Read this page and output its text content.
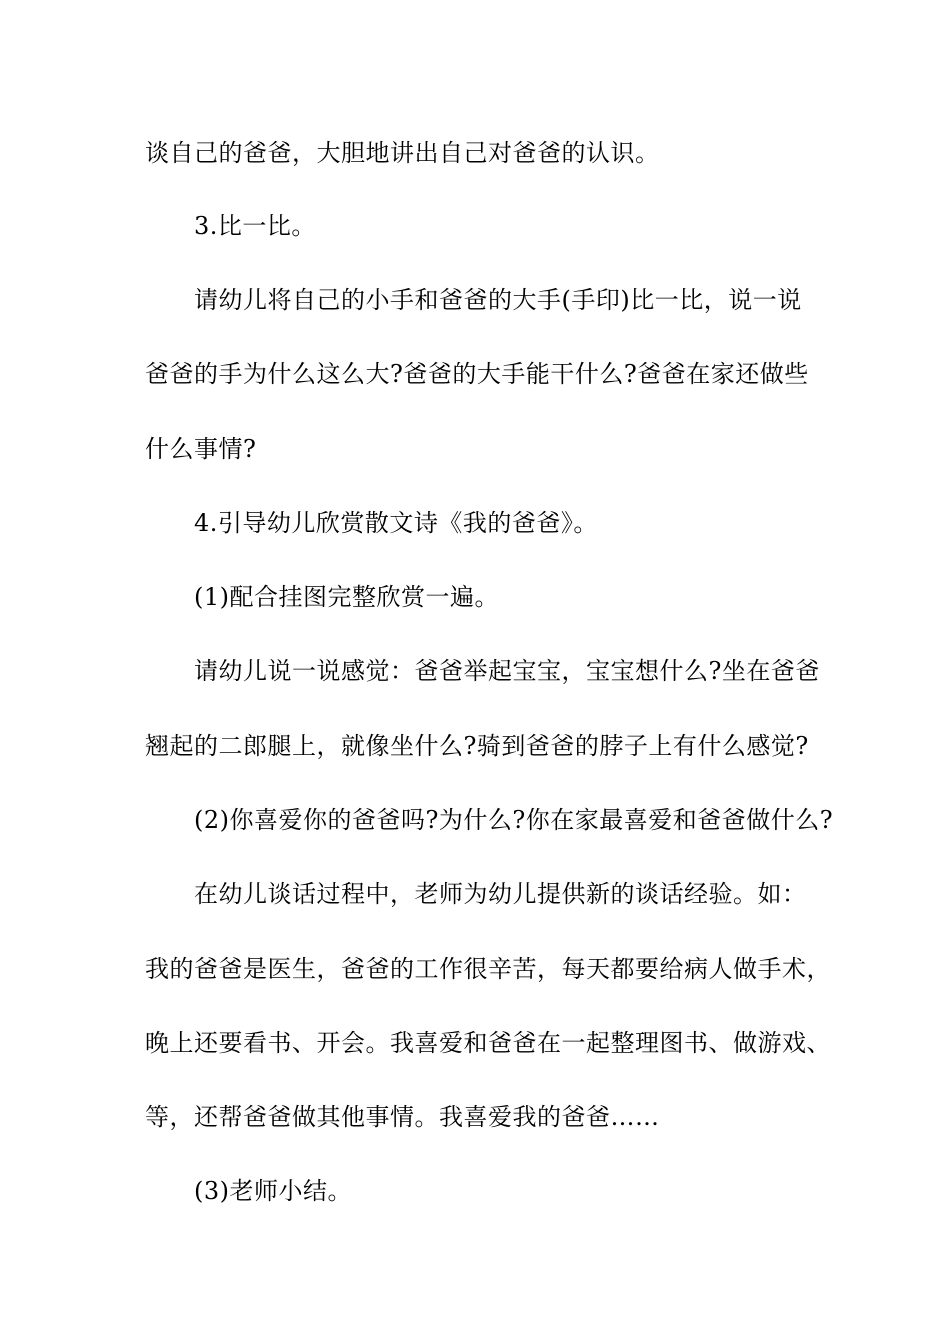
谈自己的爸爸，大胆地讲出自己对爸爸的认识。
3.比一比。
请幼儿将自己的小手和爸爸的大手(手印)比一比，说一说
爸爸的手为什么这么大?爸爸的大手能干什么?爸爸在家还做些
什么事情?
4.引导幼儿欣赏散文诗《我的爸爸》。
(1)配合挂图完整欣赏一遍。
请幼儿说一说感觉：爸爸举起宝宝，宝宝想什么?坐在爸爸
翘起的二郎腿上，就像坐什么?骑到爸爸的脖子上有什么感觉?
(2)你喜爱你的爸爸吗?为什么?你在家最喜爱和爸爸做什么?
在幼儿谈话过程中，老师为幼儿提供新的谈话经验。如：
我的爸爸是医生，爸爸的工作很辛苦，每天都要给病人做手术，
晚上还要看书、开会。我喜爱和爸爸在一起整理图书、做游戏、
等，还帮爸爸做其他事情。我喜爱我的爸爸……
(3)老师小结。
